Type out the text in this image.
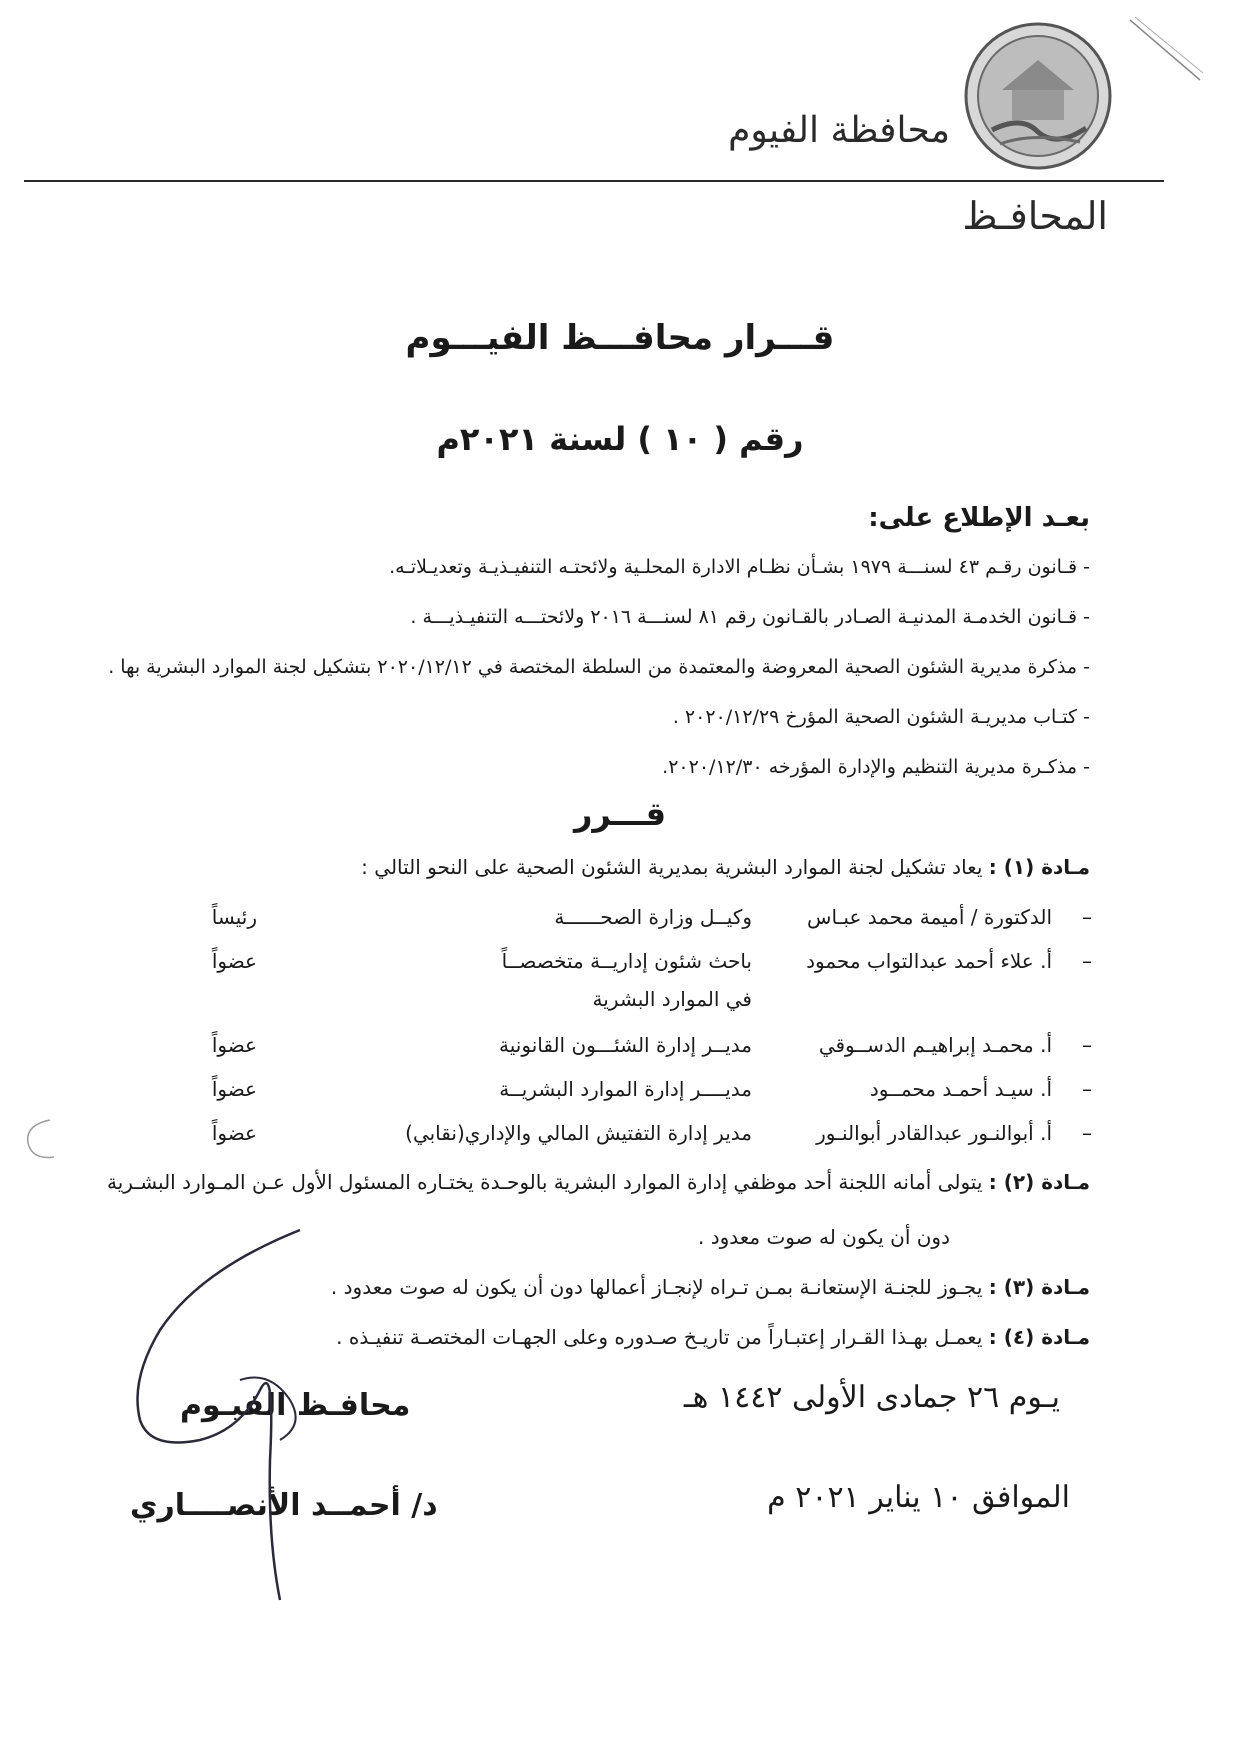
محافظة الفيوم
المحافـظ
قـــرار محافـــظ الفيـــوم
رقم ( ١٠ ) لسنة ٢٠٢١م
بعـد الإطلاع على:
- قـانون رقـم ٤٣ لسنـــة ١٩٧٩ بشـأن نظـام الادارة المحلـية ولائحتـه التنفيـذيـة وتعديـلاتـه.
- قـانون الخدمـة المدنيـة الصـادر بالقـانون رقم ٨١ لسنـــة ٢٠١٦ ولائحتـــه التنفيـذيـــة .
- مذكرة مديرية الشئون الصحية المعروضة والمعتمدة من السلطة المختصة في ٢٠٢٠/١٢/١٢ بتشكيل لجنة الموارد البشرية بها .
- كتـاب مديريـة الشئون الصحية المؤرخ ٢٠٢٠/١٢/٢٩ .
- مذكـرة مديرية التنظيم والإدارة المؤرخه ٢٠٢٠/١٢/٣٠.
قـــرر
مـادة (١) : يعاد تشكيل لجنة الموارد البشرية بمديرية الشئون الصحية على النحو التالي :
–
الدكتورة / أميمة محمد عبـاس
وكيــل وزارة الصحــــــة
رئيساً
–
أ. علاء أحمد عبدالتواب محمود
باحث شئون إداريــة متخصصــاً
في الموارد البشرية
عضواً
–
أ. محمـد إبراهيـم الدســوقي
مديــر إدارة الشئـــون القانونية
عضواً
–
أ. سيـد أحمـد محمــود
مديــــر إدارة الموارد البشريــة
عضواً
–
أ. أبوالنـور عبدالقادر أبوالنـور
مدير إدارة التفتيش المالي والإداري(نقابي)
عضواً
مـادة (٢) : يتولى أمانه اللجنة أحد موظفي إدارة الموارد البشرية بالوحـدة يختـاره المسئول الأول عـن المـوارد البشـرية
دون أن يكون له صوت معدود .
مـادة (٣) : يجـوز للجنـة الإستعانـة بمـن تـراه لإنجـاز أعمالها دون أن يكون له صوت معدود .
مـادة (٤) : يعمـل بهـذا القـرار إعتبـاراً من تاريـخ صـدوره وعلى الجهـات المختصـة تنفيـذه .
يـوم ٢٦ جمادى الأولى ١٤٤٢ هـ
الموافق ١٠ يناير ٢٠٢١ م
محافـظ الفيـوم
د/ أحمــد الأنصــــاري
